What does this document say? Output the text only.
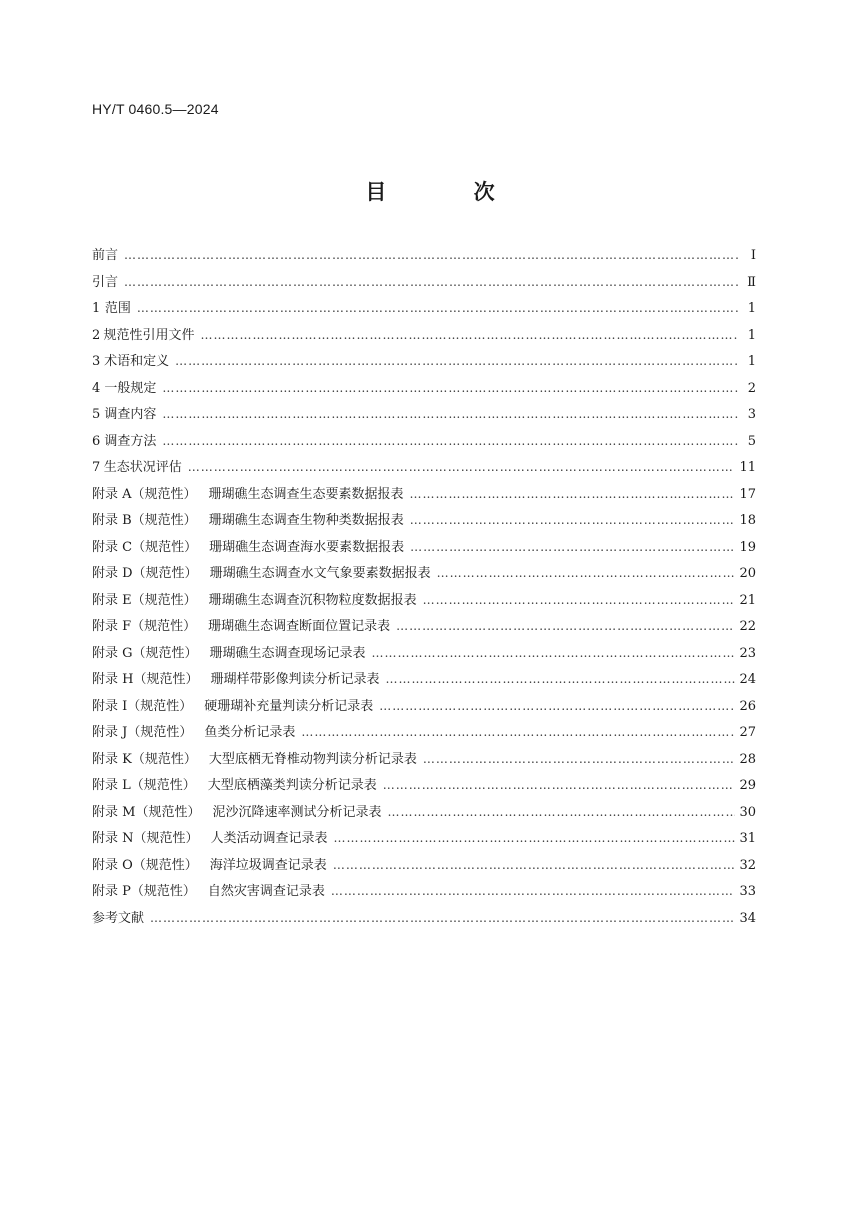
HY/T 0460.5—2024
目 次
前言 ……………………………………………………………………………………………………………………………………………………………………………………………………………………………………	Ⅰ
引言 ……………………………………………………………………………………………………………………………………………………………………………………………………………………………………	Ⅱ
1 范围 ……………………………………………………………………………………………………………………………………………………………………………………………………………………………………	1
2 规范性引用文件 ……………………………………………………………………………………………………………………………………………………………………………………………………………………………………	1
3 术语和定义 ……………………………………………………………………………………………………………………………………………………………………………………………………………………………………	1
4 一般规定 ……………………………………………………………………………………………………………………………………………………………………………………………………………………………………	2
5 调查内容 ……………………………………………………………………………………………………………………………………………………………………………………………………………………………………	3
6 调查方法 ……………………………………………………………………………………………………………………………………………………………………………………………………………………………………	5
7 生态状况评估 ……………………………………………………………………………………………………………………………………………………………………………………………………………………………………	11
附录 A（规范性） 珊瑚礁生态调查生态要素数据报表 ……………………………………………………………………………………………………………………………………………………………………………………………………………………………………	17
附录 B（规范性） 珊瑚礁生态调查生物种类数据报表 ……………………………………………………………………………………………………………………………………………………………………………………………………………………………………	18
附录 C（规范性） 珊瑚礁生态调查海水要素数据报表 ……………………………………………………………………………………………………………………………………………………………………………………………………………………………………	19
附录 D（规范性） 珊瑚礁生态调查水文气象要素数据报表 ……………………………………………………………………………………………………………………………………………………………………………………………………………………………………	20
附录 E（规范性） 珊瑚礁生态调查沉积物粒度数据报表 ……………………………………………………………………………………………………………………………………………………………………………………………………………………………………	21
附录 F（规范性） 珊瑚礁生态调查断面位置记录表 ……………………………………………………………………………………………………………………………………………………………………………………………………………………………………	22
附录 G（规范性） 珊瑚礁生态调查现场记录表 ……………………………………………………………………………………………………………………………………………………………………………………………………………………………………	23
附录 H（规范性） 珊瑚样带影像判读分析记录表 ……………………………………………………………………………………………………………………………………………………………………………………………………………………………………	24
附录 I（规范性） 硬珊瑚补充量判读分析记录表 ……………………………………………………………………………………………………………………………………………………………………………………………………………………………………	26
附录 J（规范性） 鱼类分析记录表 ……………………………………………………………………………………………………………………………………………………………………………………………………………………………………	27
附录 K（规范性） 大型底栖无脊椎动物判读分析记录表 ……………………………………………………………………………………………………………………………………………………………………………………………………………………………………	28
附录 L（规范性） 大型底栖藻类判读分析记录表 ……………………………………………………………………………………………………………………………………………………………………………………………………………………………………	29
附录 M（规范性） 泥沙沉降速率测试分析记录表 ……………………………………………………………………………………………………………………………………………………………………………………………………………………………………	30
附录 N（规范性） 人类活动调查记录表 ……………………………………………………………………………………………………………………………………………………………………………………………………………………………………	31
附录 O（规范性） 海洋垃圾调查记录表 ……………………………………………………………………………………………………………………………………………………………………………………………………………………………………	32
附录 P（规范性） 自然灾害调查记录表 ……………………………………………………………………………………………………………………………………………………………………………………………………………………………………	33
参考文献 ……………………………………………………………………………………………………………………………………………………………………………………………………………………………………	34
